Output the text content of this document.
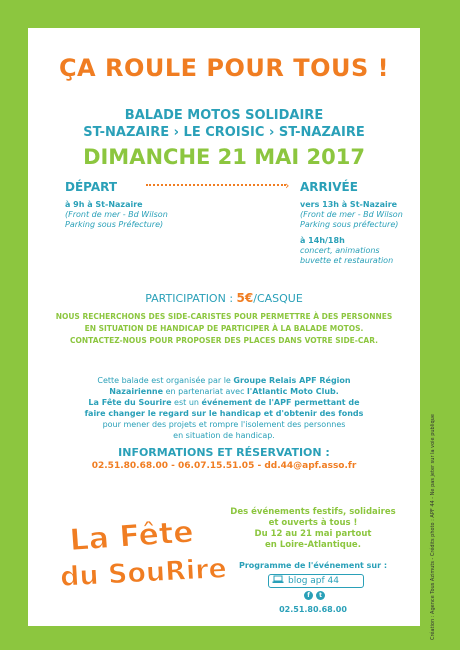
ÇA ROULE POUR TOUS !
BALADE MOTOS SOLIDAIRE
ST-NAZAIRE › LE CROISIC › ST-NAZAIRE
DIMANCHE 21 MAI 2017
DÉPART
à 9h à St-Nazaire
(Front de mer - Bd Wilson Parking sous Préfecture)
› ARRIVÉE
vers 13h à St-Nazaire
(Front de mer - Bd Wilson Parking sous préfecture)

à 14h/18h
concert, animations buvette et restauration
PARTICIPATION : 5€/CASQUE
NOUS RECHERCHONS DES SIDE-CARISTES POUR PERMETTRE À DES PERSONNES
EN SITUATION DE HANDICAP DE PARTICIPER À LA BALADE MOTOS.
CONTACTEZ-NOUS POUR PROPOSER DES PLACES DANS VOTRE SIDE-CAR.
Cette balade est organisée par le Groupe Relais APF Région
Nazairienne en partenariat avec l'Atlantic Moto Club.
La Fête du Sourire est un événement de l'APF permettant de
faire changer le regard sur le handicap et d'obtenir des fonds
pour mener des projets et rompre l'isolement des personnes
en situation de handicap.
INFORMATIONS ET RÉSERVATION :
02.51.80.68.00 - 06.07.15.51.05 - dd.44@apf.asso.fr
La Fête
du SouRire
Des événements festifs, solidaires
et ouverts à tous !
Du 12 au 21 mai partout
en Loire-Atlantique.
Programme de l'événement sur :
blog apf 44
f	t
02.51.80.68.00	Création : Agence Tous Azimuts - Crédits photo : APF 44 - Ne pas jeter sur la voie publique
